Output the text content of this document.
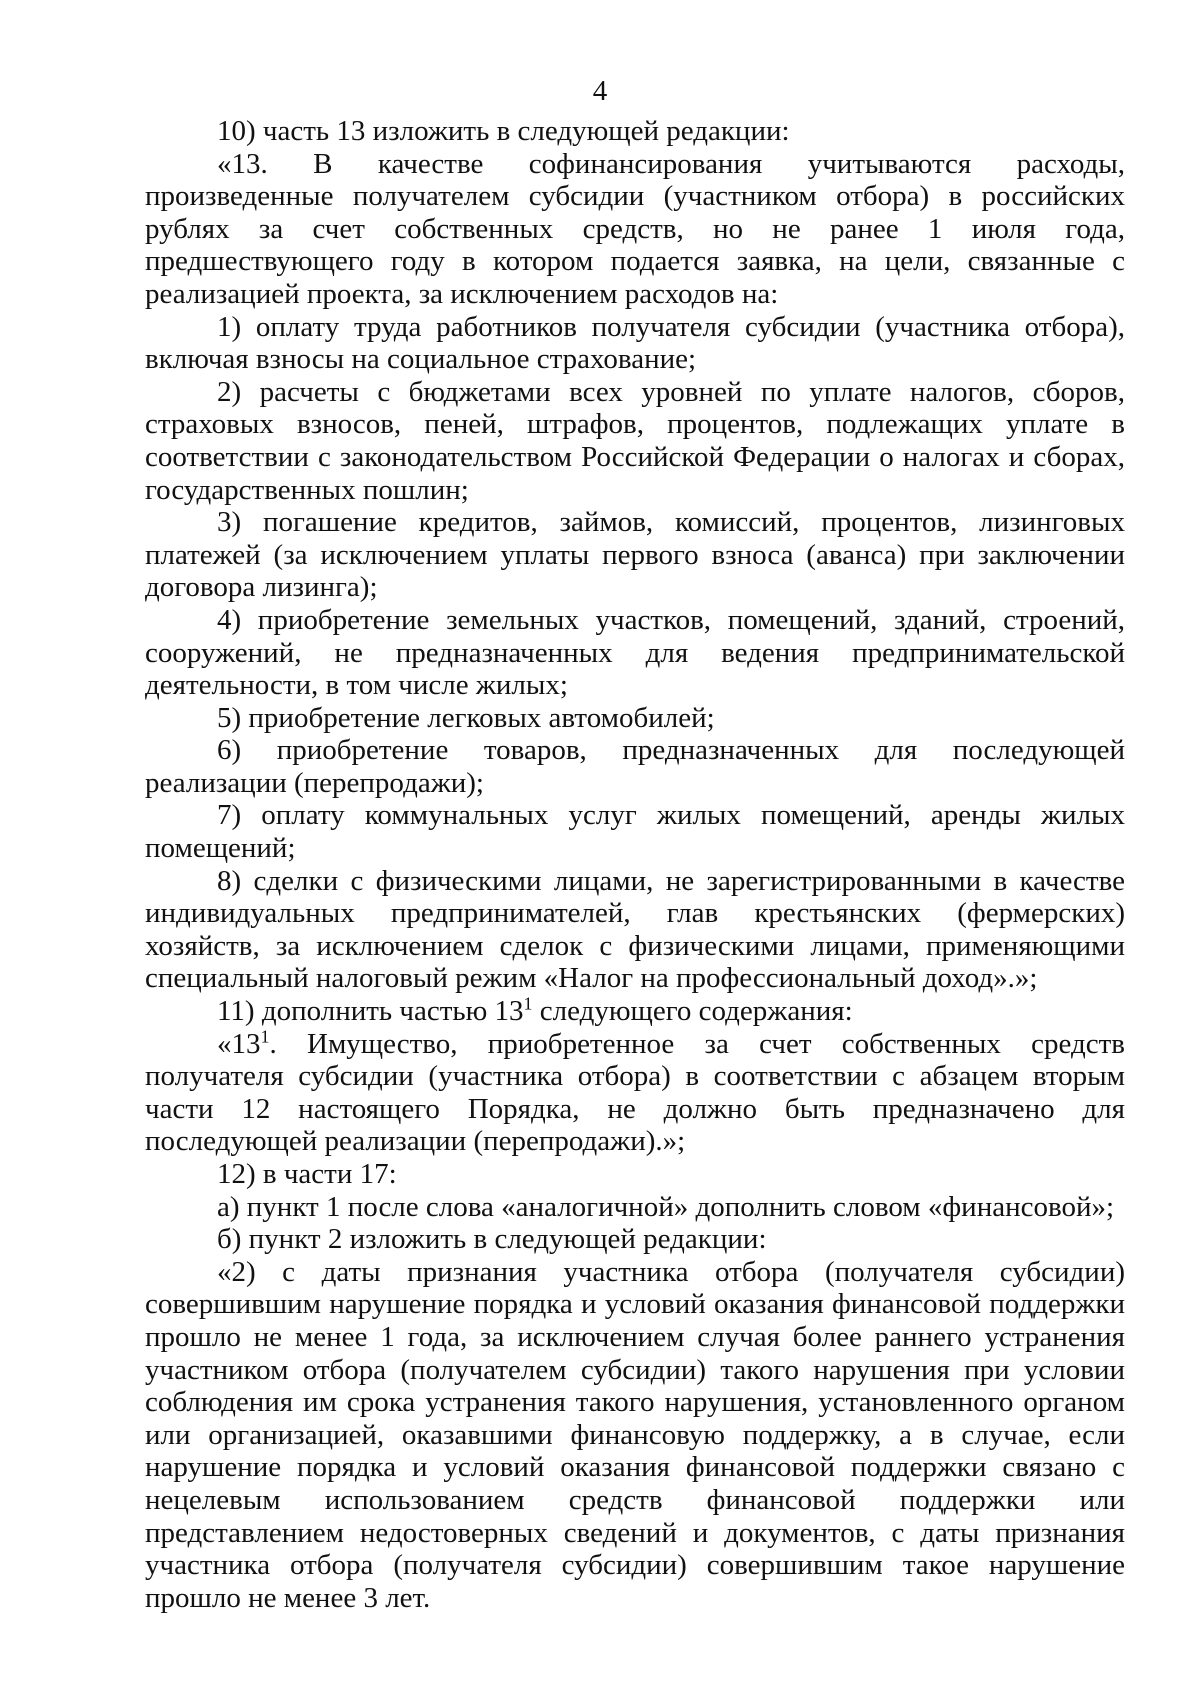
4

10) часть 13 изложить в следующей редакции:

«13. В качестве софинансирования учитываются расходы, произведенные получателем субсидии (участником отбора) в российских рублях за счет собственных средств, но не ранее 1 июля года, предшествующего году в котором подается заявка, на цели, связанные с реализацией проекта, за исключением расходов на:

1) оплату труда работников получателя субсидии (участника отбора), включая взносы на социальное страхование;

2) расчеты с бюджетами всех уровней по уплате налогов, сборов, страховых взносов, пеней, штрафов, процентов, подлежащих уплате в соответствии с законодательством Российской Федерации о налогах и сборах, государственных пошлин;

3) погашение кредитов, займов, комиссий, процентов, лизинговых платежей (за исключением уплаты первого взноса (аванса) при заключении договора лизинга);

4) приобретение земельных участков, помещений, зданий, строений, сооружений, не предназначенных для ведения предпринимательской деятельности, в том числе жилых;

5) приобретение легковых автомобилей;

6) приобретение товаров, предназначенных для последующей реализации (перепродажи);

7) оплату коммунальных услуг жилых помещений, аренды жилых помещений;

8) сделки с физическими лицами, не зарегистрированными в качестве индивидуальных предпринимателей, глав крестьянских (фермерских) хозяйств, за исключением сделок с физическими лицами, применяющими специальный налоговый режим «Налог на профессиональный доход».»;

11) дополнить частью $13^1$ следующего содержания:

«$13^1$. Имущество, приобретенное за счет собственных средств получателя субсидии (участника отбора) в соответствии с абзацем вторым части 12 настоящего Порядка, не должно быть предназначено для последующей реализации (перепродажи).»;

12) в части 17:

а) пункт 1 после слова «аналогичной» дополнить словом «финансовой»;

б) пункт 2 изложить в следующей редакции:

«2) с даты признания участника отбора (получателя субсидии) совершившим нарушение порядка и условий оказания финансовой поддержки прошло не менее 1 года, за исключением случая более раннего устранения участником отбора (получателем субсидии) такого нарушения при условии соблюдения им срока устранения такого нарушения, установленного органом или организацией, оказавшими финансовую поддержку, а в случае, если нарушение порядка и условий оказания финансовой поддержки связано с нецелевым использованием средств финансовой поддержки или представлением недостоверных сведений и документов, с даты признания участника отбора (получателя субсидии) совершившим такое нарушение прошло не менее 3 лет.
